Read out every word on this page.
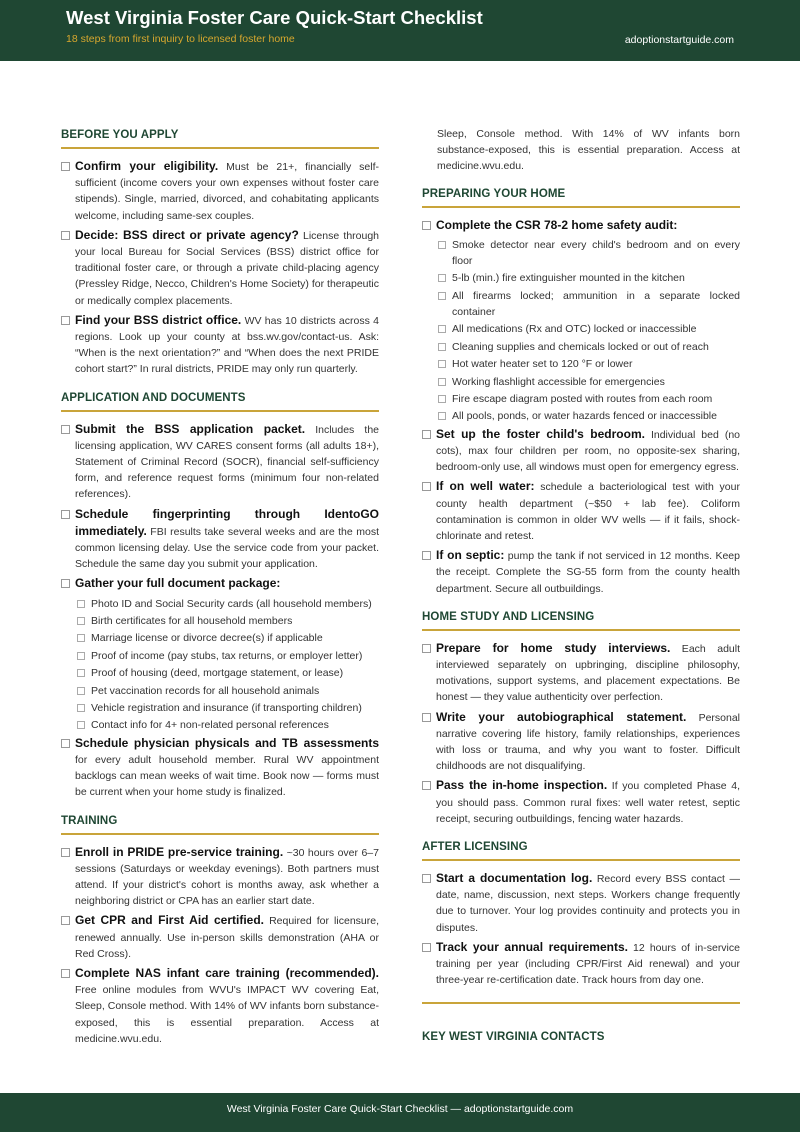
West Virginia Foster Care Quick-Start Checklist
18 steps from first inquiry to licensed foster home	adoptionstartguide.com
BEFORE YOU APPLY
Confirm your eligibility. Must be 21+, financially self-sufficient (income covers your own expenses without foster care stipends). Single, married, divorced, and cohabitating applicants welcome, including same-sex couples.
Decide: BSS direct or private agency? License through your local Bureau for Social Services (BSS) district office for traditional foster care, or through a private child-placing agency (Pressley Ridge, Necco, Children's Home Society) for therapeutic or medically complex placements.
Find your BSS district office. WV has 10 districts across 4 regions. Look up your county at bss.wv.gov/contact-us. Ask: “When is the next orientation?” and “When does the next PRIDE cohort start?” In rural districts, PRIDE may only run quarterly.
APPLICATION AND DOCUMENTS
Submit the BSS application packet. Includes the licensing application, WV CARES consent forms (all adults 18+), Statement of Criminal Record (SOCR), financial self-sufficiency form, and reference request forms (minimum four non-related references).
Schedule fingerprinting through IdentoGO immediately. FBI results take several weeks and are the most common licensing delay. Use the service code from your packet. Schedule the same day you submit your application.
Gather your full document package:
Photo ID and Social Security cards (all household members)
Birth certificates for all household members
Marriage license or divorce decree(s) if applicable
Proof of income (pay stubs, tax returns, or employer letter)
Proof of housing (deed, mortgage statement, or lease)
Pet vaccination records for all household animals
Vehicle registration and insurance (if transporting children)
Contact info for 4+ non-related personal references
Schedule physician physicals and TB assessments for every adult household member. Rural WV appointment backlogs can mean weeks of wait time. Book now — forms must be current when your home study is finalized.
TRAINING
Enroll in PRIDE pre-service training. ~30 hours over 6–7 sessions (Saturdays or weekday evenings). Both partners must attend. If your district's cohort is months away, ask whether a neighboring district or CPA has an earlier start date.
Get CPR and First Aid certified. Required for licensure, renewed annually. Use in-person skills demonstration (AHA or Red Cross).
Complete NAS infant care training (recommended). Free online modules from WVU's IMPACT WV covering Eat, Sleep, Console method. With 14% of WV infants born substance-exposed, this is essential preparation. Access at medicine.wvu.edu.
Sleep, Console method. With 14% of WV infants born substance-exposed, this is essential preparation. Access at medicine.wvu.edu.
PREPARING YOUR HOME
Complete the CSR 78-2 home safety audit:
Smoke detector near every child's bedroom and on every floor
5-lb (min.) fire extinguisher mounted in the kitchen
All firearms locked; ammunition in a separate locked container
All medications (Rx and OTC) locked or inaccessible
Cleaning supplies and chemicals locked or out of reach
Hot water heater set to 120 °F or lower
Working flashlight accessible for emergencies
Fire escape diagram posted with routes from each room
All pools, ponds, or water hazards fenced or inaccessible
Set up the foster child's bedroom. Individual bed (no cots), max four children per room, no opposite-sex sharing, bedroom-only use, all windows must open for emergency egress.
If on well water: schedule a bacteriological test with your county health department (~$50 + lab fee). Coliform contamination is common in older WV wells — if it fails, shock-chlorinate and retest.
If on septic: pump the tank if not serviced in 12 months. Keep the receipt. Complete the SG-55 form from the county health department. Secure all outbuildings.
HOME STUDY AND LICENSING
Prepare for home study interviews. Each adult interviewed separately on upbringing, discipline philosophy, motivations, support systems, and placement expectations. Be honest — they value authenticity over perfection.
Write your autobiographical statement. Personal narrative covering life history, family relationships, experiences with loss or trauma, and why you want to foster. Difficult childhoods are not disqualifying.
Pass the in-home inspection. If you completed Phase 4, you should pass. Common rural fixes: well water retest, septic receipt, securing outbuildings, fencing water hazards.
AFTER LICENSING
Start a documentation log. Record every BSS contact — date, name, discussion, next steps. Workers change frequently due to turnover. Your log provides continuity and protects you in disputes.
Track your annual requirements. 12 hours of in-service training per year (including CPR/First Aid renewal) and your three-year re-certification date. Track hours from day one.
KEY WEST VIRGINIA CONTACTS
West Virginia Foster Care Quick-Start Checklist — adoptionstartguide.com
